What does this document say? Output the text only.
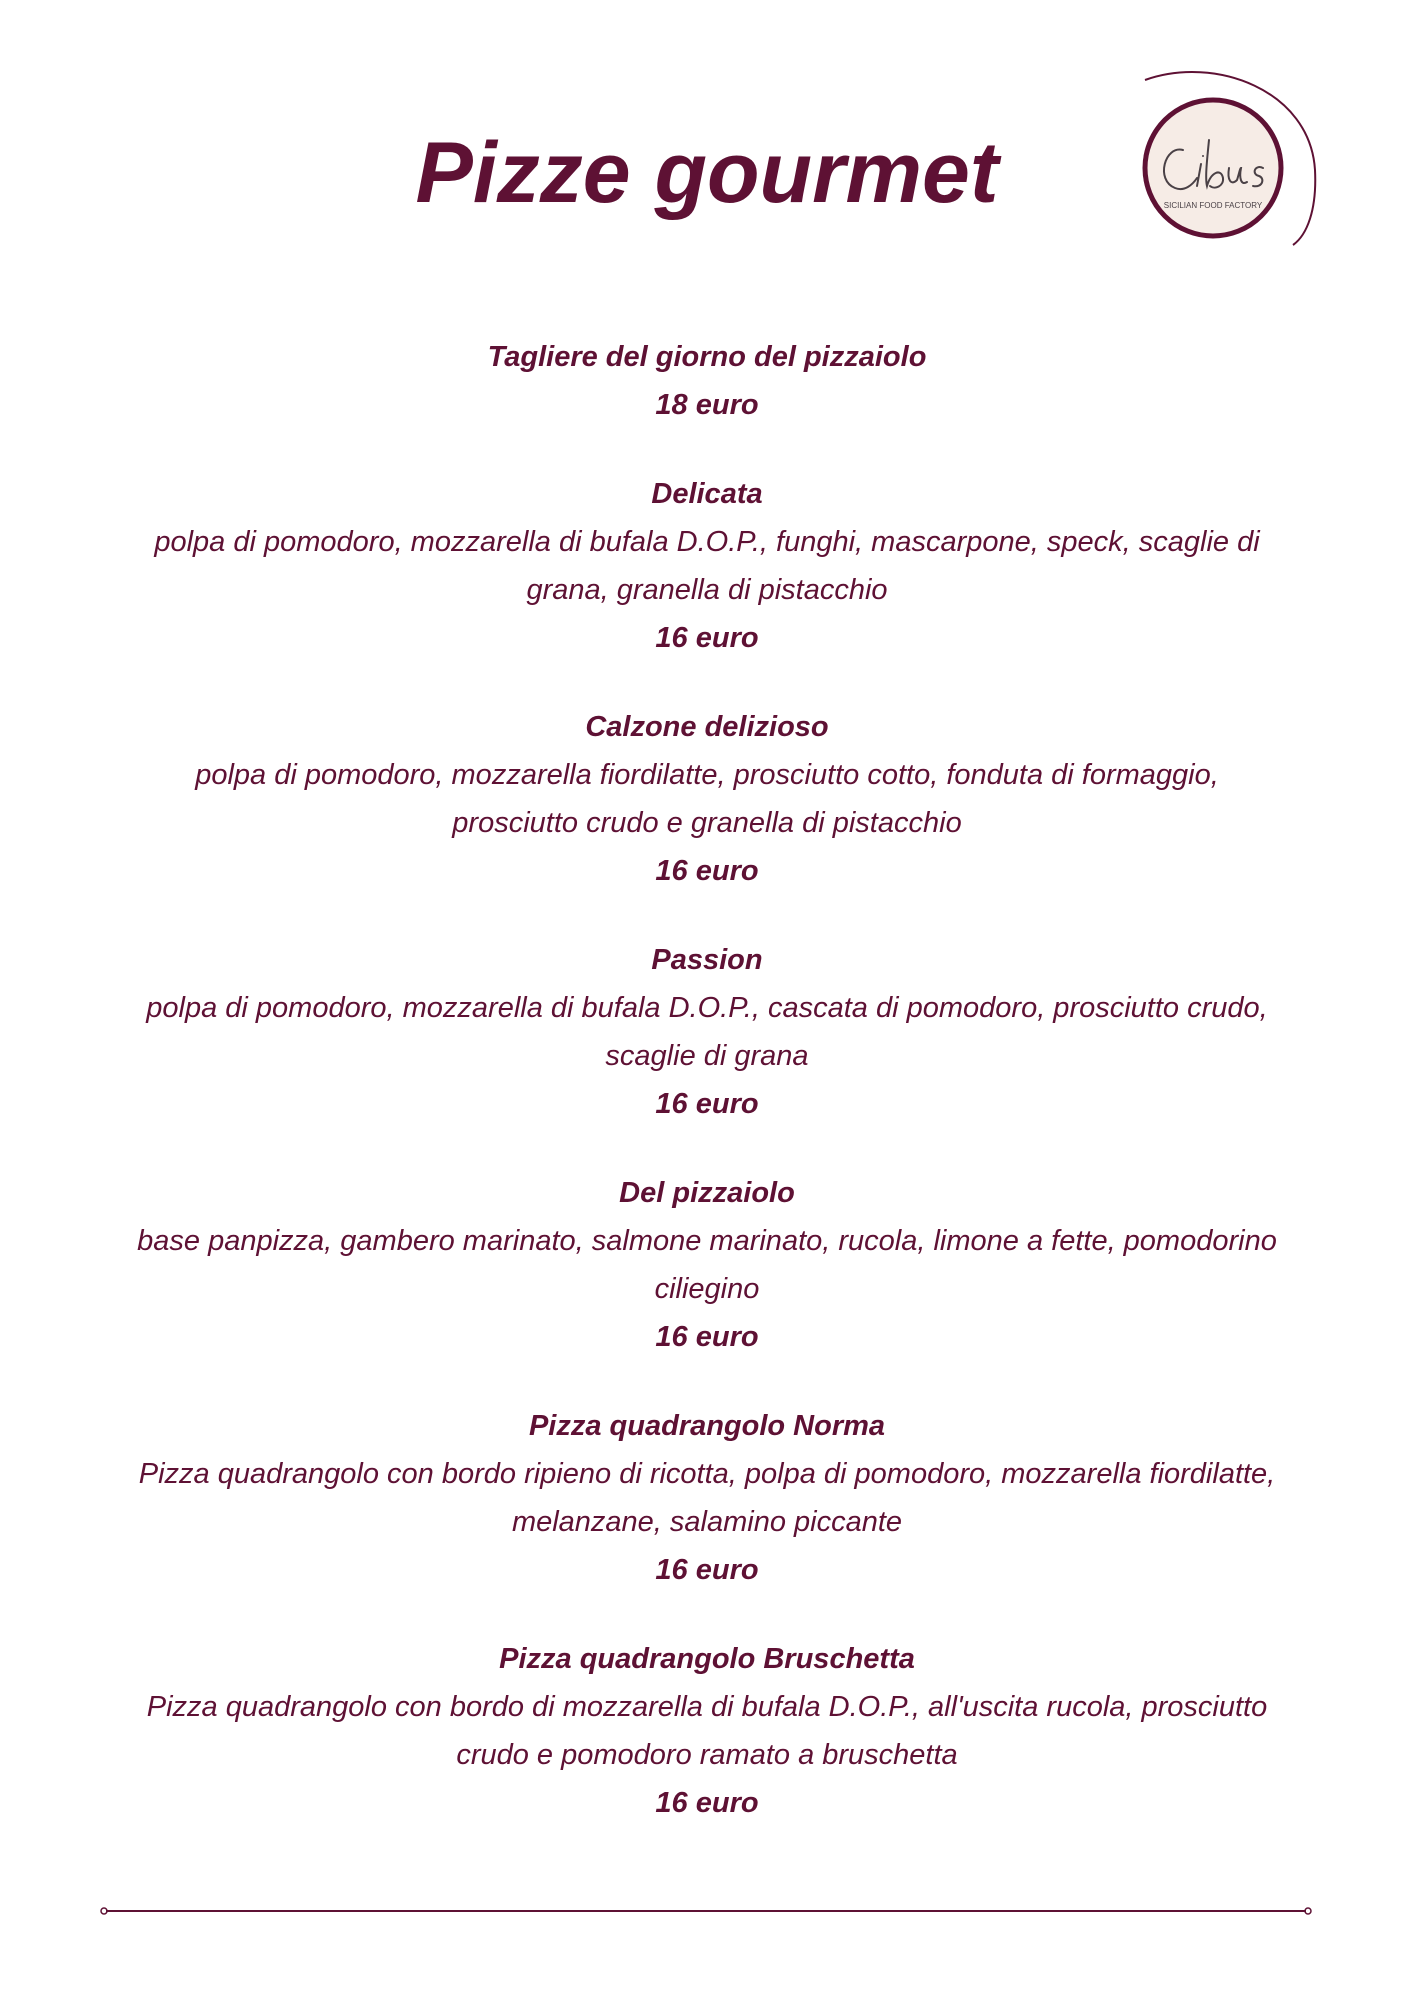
Pizze gourmet	SICILIAN FOOD FACTORY
Tagliere del giorno del pizzaiolo
18 euro
Delicata
polpa di pomodoro, mozzarella di bufala D.O.P., funghi, mascarpone, speck, scaglie di grana, granella di pistacchio
16 euro
Calzone delizioso
polpa di pomodoro, mozzarella fiordilatte, prosciutto cotto, fonduta di formaggio, prosciutto crudo e granella di pistacchio
16 euro
Passion
polpa di pomodoro, mozzarella di bufala D.O.P., cascata di pomodoro, prosciutto crudo, scaglie di grana
16 euro
Del pizzaiolo
base panpizza, gambero marinato, salmone marinato, rucola, limone a fette, pomodorino ciliegino
16 euro
Pizza quadrangolo Norma
Pizza quadrangolo con bordo ripieno di ricotta, polpa di pomodoro, mozzarella fiordilatte, melanzane, salamino piccante
16 euro
Pizza quadrangolo Bruschetta
Pizza quadrangolo con bordo di mozzarella di bufala D.O.P., all'uscita rucola, prosciutto crudo e pomodoro ramato a bruschetta
16 euro
